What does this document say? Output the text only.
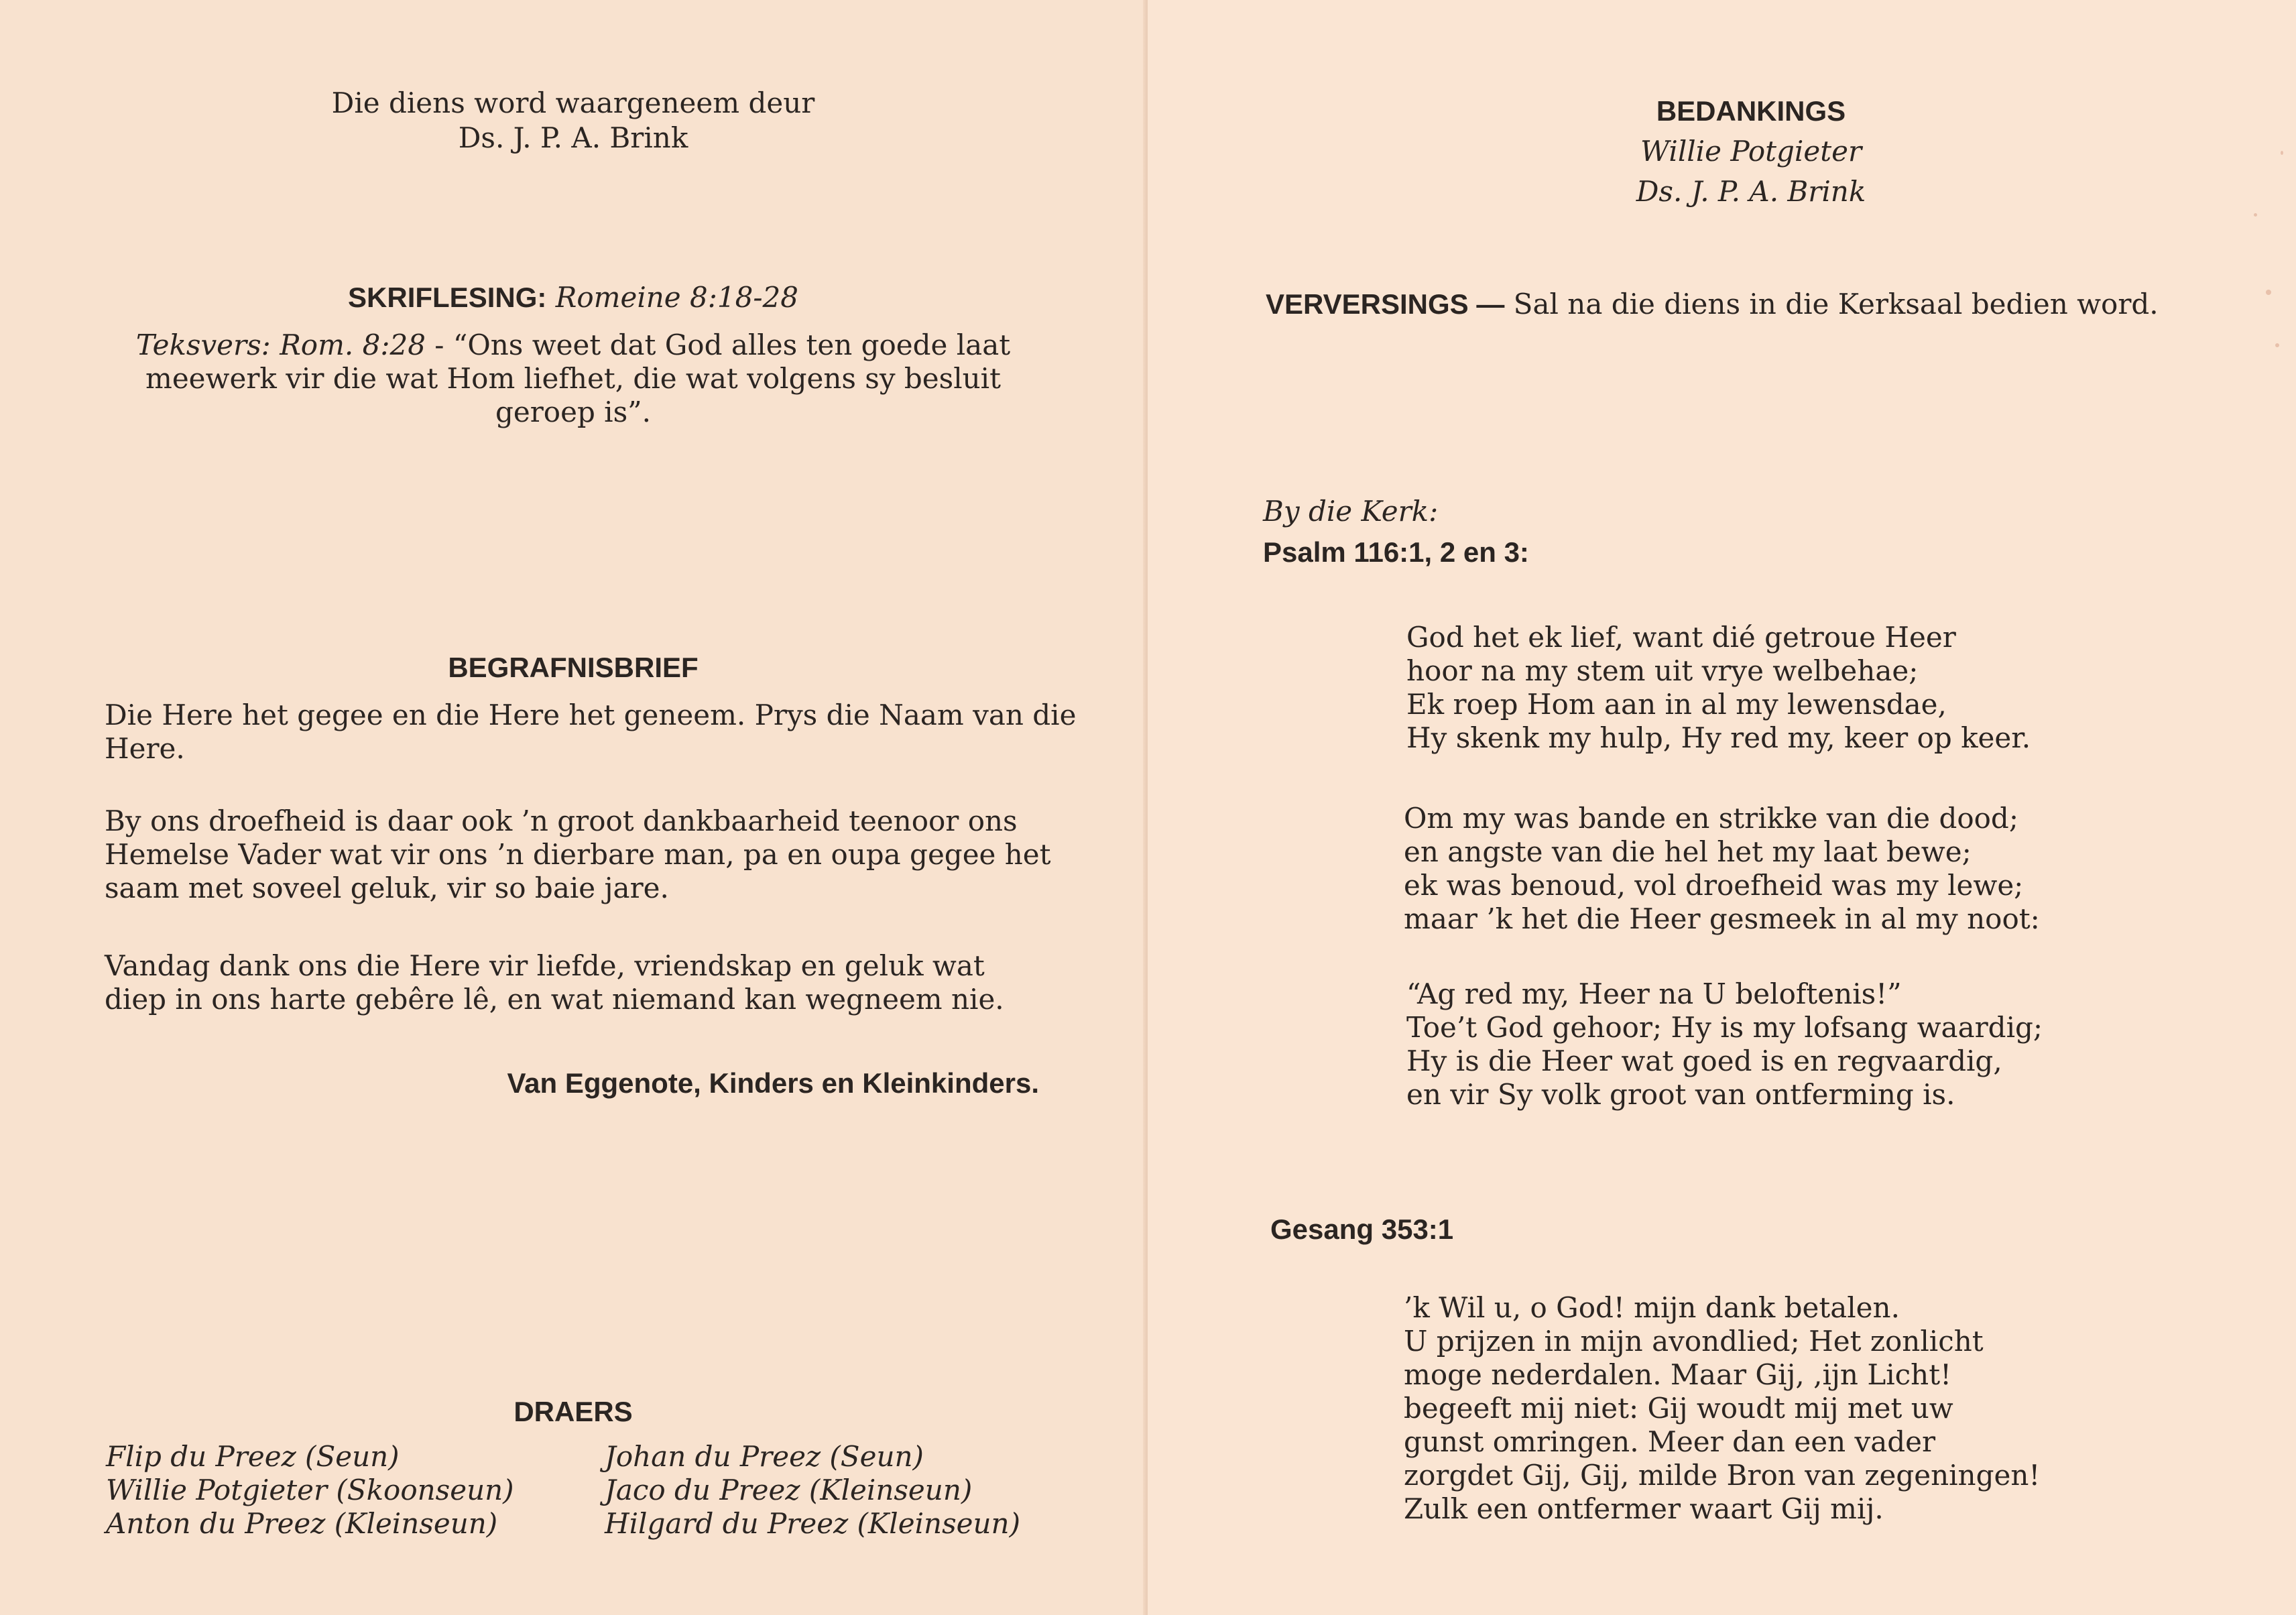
Die diens word waargeneem deur
Ds. J. P. A. Brink
SKRIFLESING: Romeine 8:18-28
Teksvers: Rom. 8:28 - “Ons weet dat God alles ten goede laat
meewerk vir die wat Hom liefhet, die wat volgens sy besluit
geroep is”.
BEGRAFNISBRIEF
Die Here het gegee en die Here het geneem. Prys die Naam van die
Here.
By ons droefheid is daar ook ’n groot dankbaarheid teenoor ons
Hemelse Vader wat vir ons ’n dierbare man, pa en oupa gegee het
saam met soveel geluk, vir so baie jare.
Vandag dank ons die Here vir liefde, vriendskap en geluk wat
diep in ons harte gebêre lê, en wat niemand kan wegneem nie.
Van Eggenote, Kinders en Kleinkinders.
DRAERS
Flip du Preez (Seun)
Willie Potgieter (Skoonseun)
Anton du Preez (Kleinseun)
Johan du Preez (Seun)
Jaco du Preez (Kleinseun)
Hilgard du Preez (Kleinseun)
BEDANKINGS
Willie Potgieter
Ds. J. P. A. Brink
VERVERSINGS — Sal na die diens in die Kerksaal bedien word.
By die Kerk:
Psalm 116:1, 2 en 3:
God het ek lief, want dié getroue Heer
hoor na my stem uit vrye welbehae;
Ek roep Hom aan in al my lewensdae,
Hy skenk my hulp, Hy red my, keer op keer.
Om my was bande en strikke van die dood;
en angste van die hel het my laat bewe;
ek was benoud, vol droefheid was my lewe;
maar ’k het die Heer gesmeek in al my noot:
“Ag red my, Heer na U beloftenis!”
Toe’t God gehoor; Hy is my lofsang waardig;
Hy is die Heer wat goed is en regvaardig,
en vir Sy volk groot van ontferming is.
Gesang 353:1
’k Wil u, o God! mijn dank betalen.
U prijzen in mijn avondlied; Het zonlicht
moge nederdalen. Maar Gij, ,ijn Licht!
begeeft mij niet: Gij woudt mij met uw
gunst omringen. Meer dan een vader
zorgdet Gij, Gij, milde Bron van zegeningen!
Zulk een ontfermer waart Gij mij.
